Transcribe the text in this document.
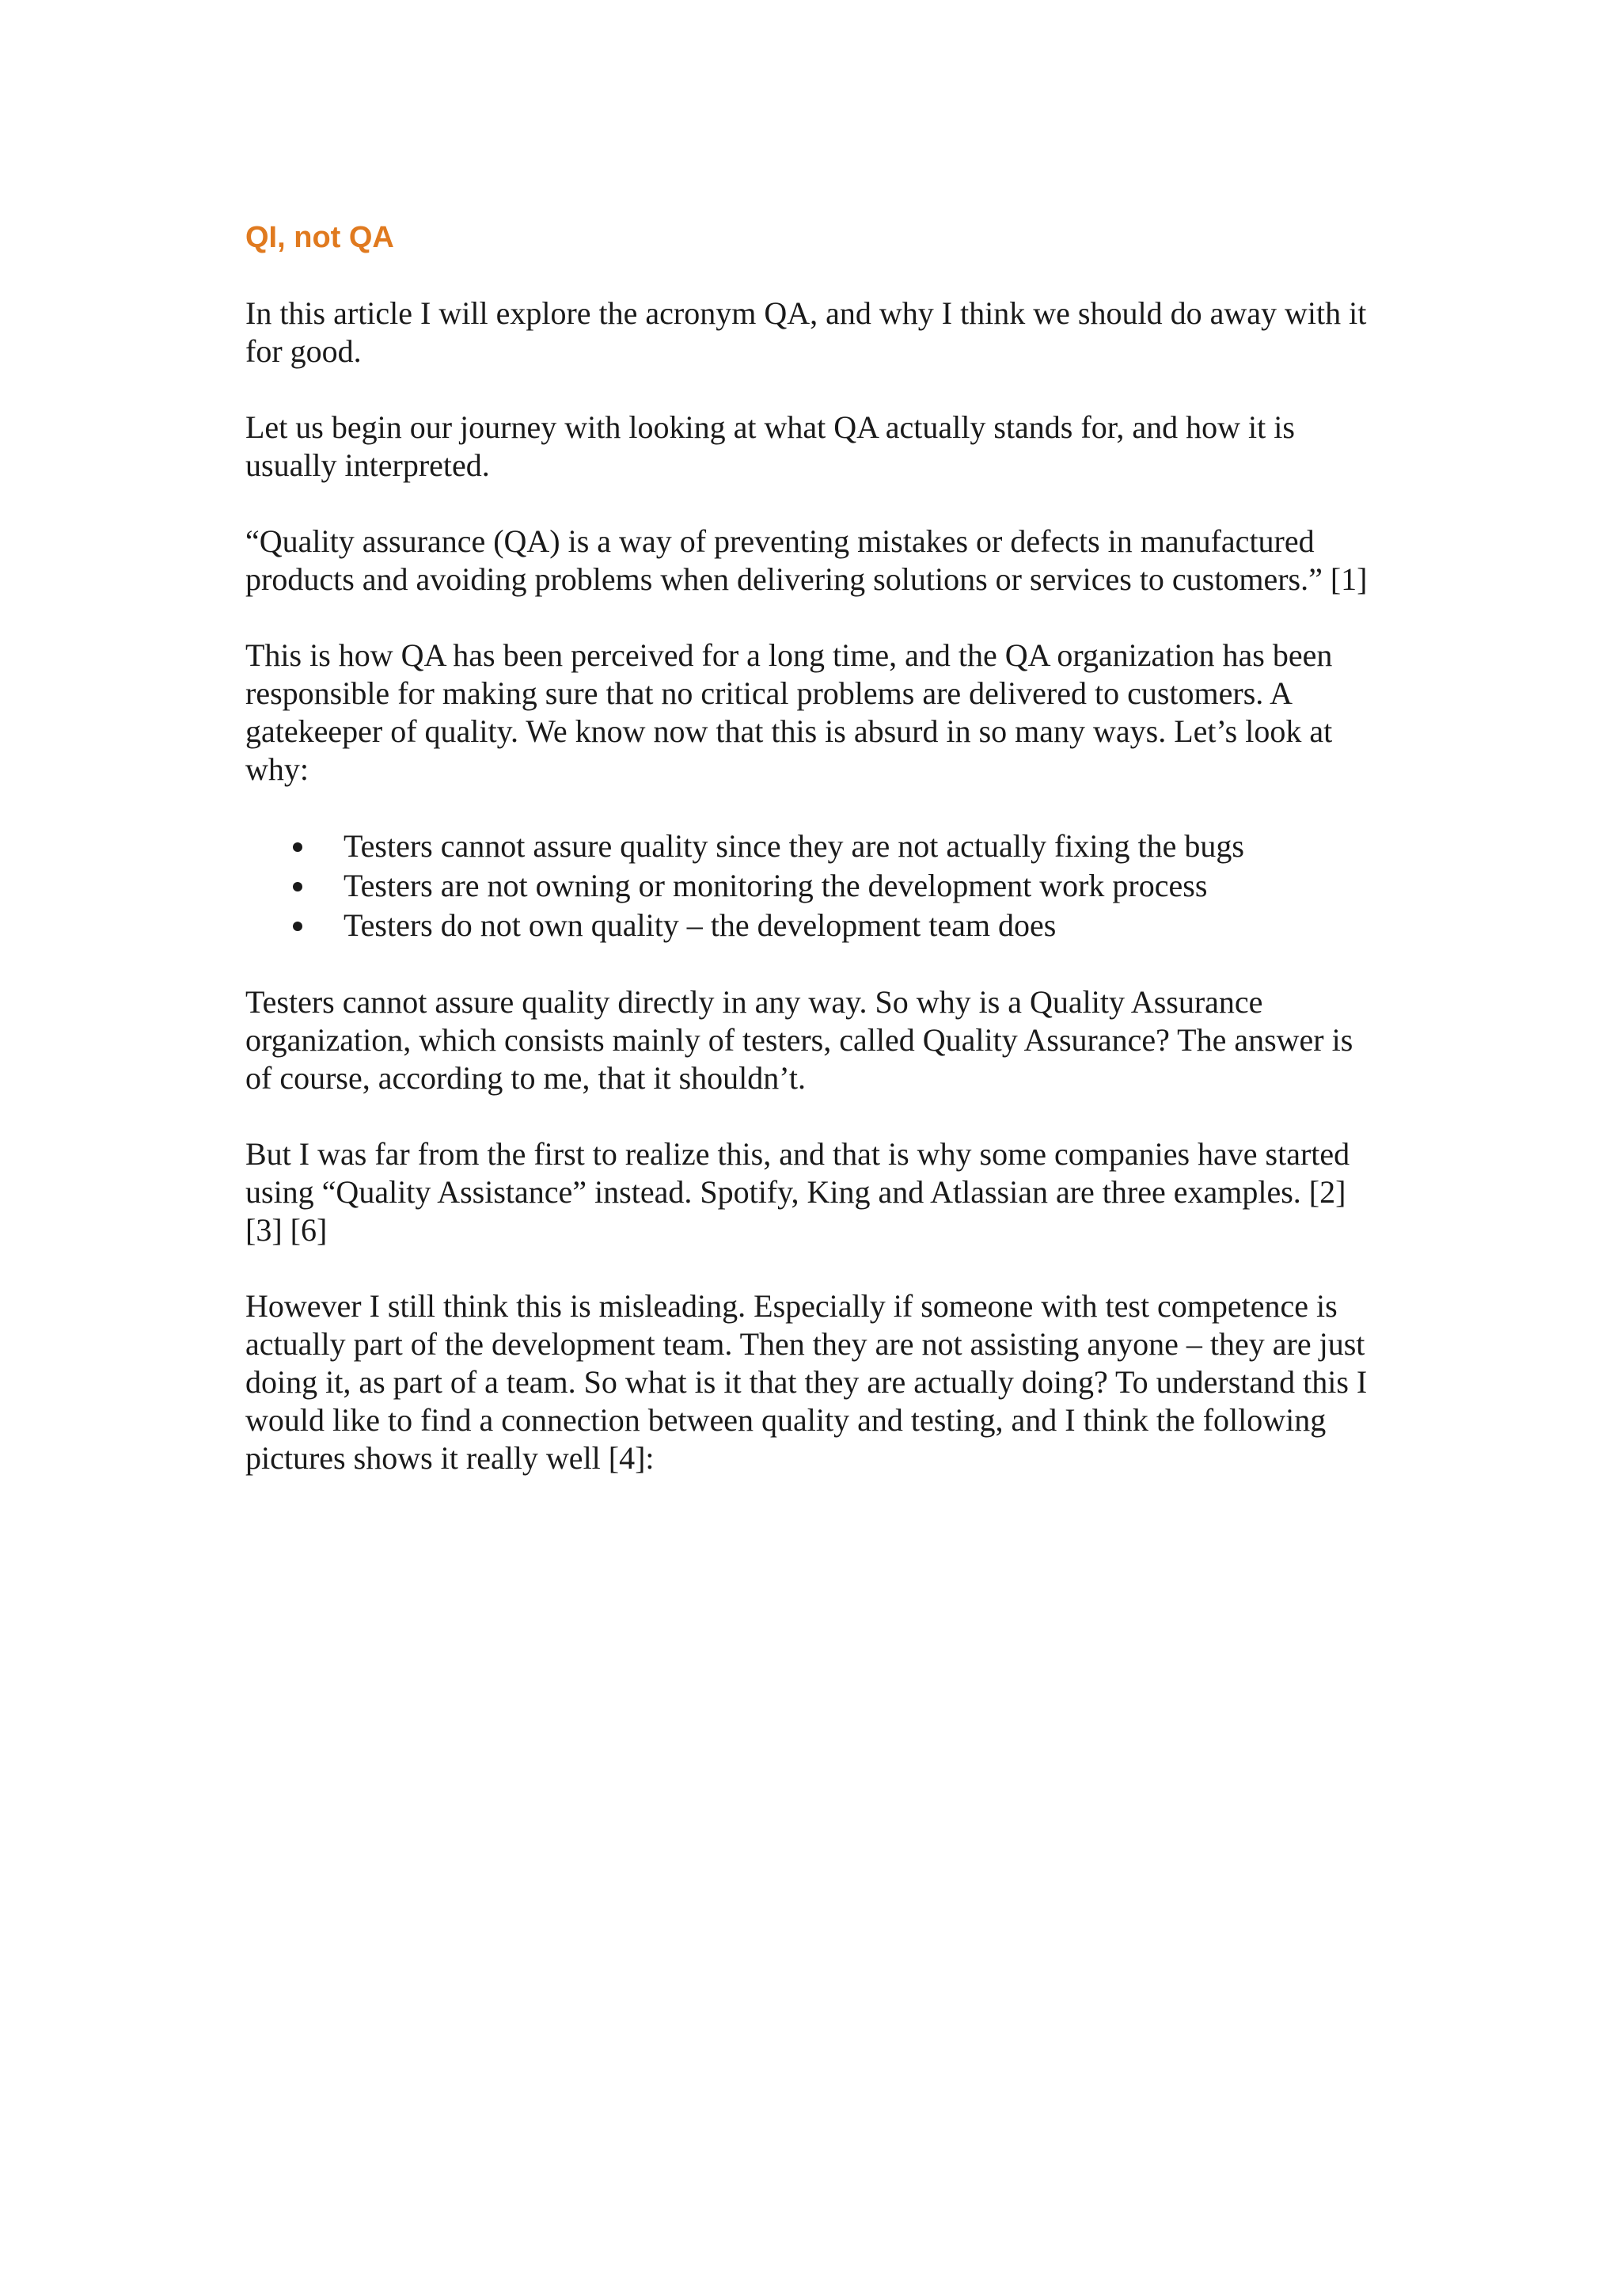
QI, not QA

In this article I will explore the acronym QA, and why I think we should do away with it for good.

Let us begin our journey with looking at what QA actually stands for, and how it is usually interpreted.

“Quality assurance (QA) is a way of preventing mistakes or defects in manufactured products and avoiding problems when delivering solutions or services to customers.” [1]

This is how QA has been perceived for a long time, and the QA organization has been responsible for making sure that no critical problems are delivered to customers. A gatekeeper of quality. We know now that this is absurd in so many ways. Let’s look at why:

Testers cannot assure quality since they are not actually fixing the bugs
Testers are not owning or monitoring the development work process
Testers do not own quality – the development team does

Testers cannot assure quality directly in any way. So why is a Quality Assurance organization, which consists mainly of testers, called Quality Assurance? The answer is of course, according to me, that it shouldn’t.

But I was far from the first to realize this, and that is why some companies have started using “Quality Assistance” instead. Spotify, King and Atlassian are three examples. [2] [3] [6]

However I still think this is misleading. Especially if someone with test competence is actually part of the development team. Then they are not assisting anyone – they are just doing it, as part of a team. So what is it that they are actually doing? To understand this I would like to find a connection between quality and testing, and I think the following pictures shows it really well [4]:
